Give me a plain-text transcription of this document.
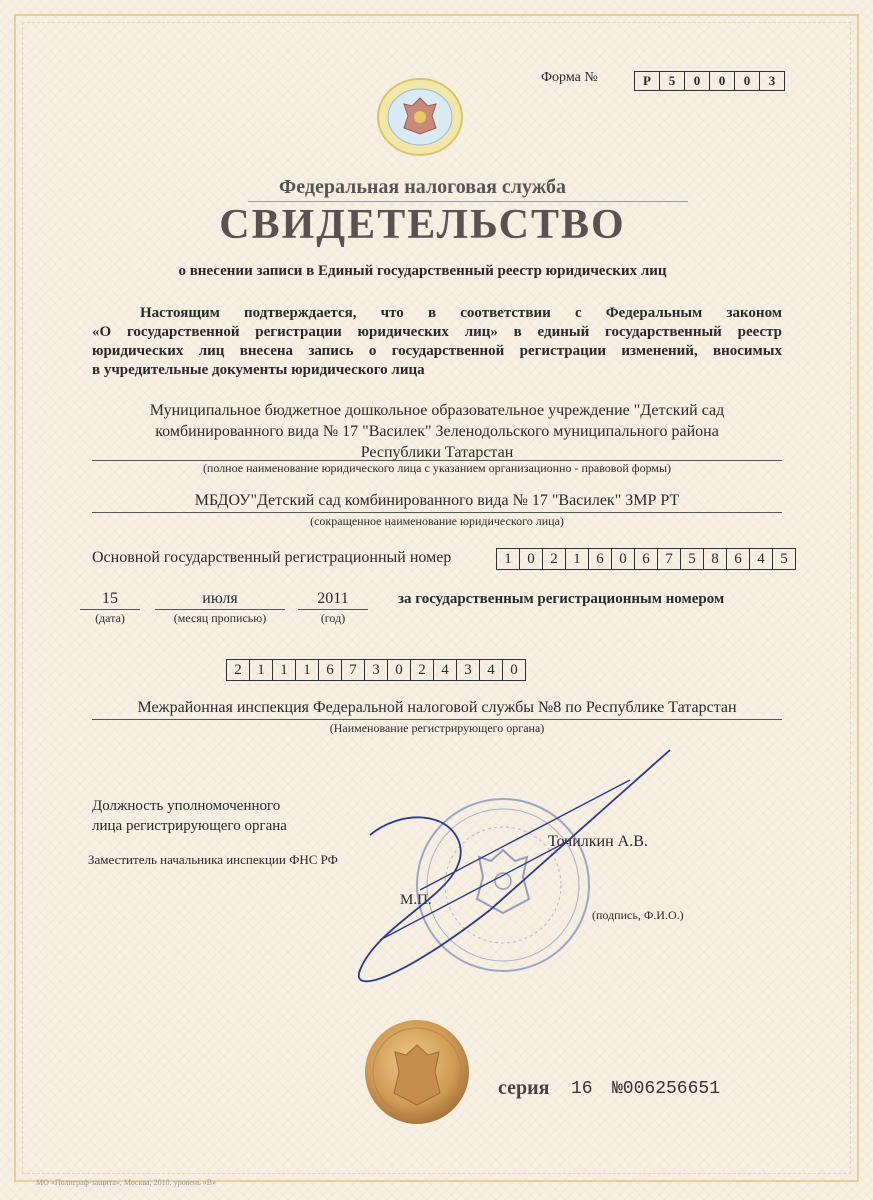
Форма №	Р	5	0	0	0	3
Федеральная налоговая служба
СВИДЕТЕЛЬСТВО
о внесении записи в Единый государственный реестр юридических лиц
Настоящим подтверждается, что в соответствии с Федеральным законом
«О государственной регистрации юридических лиц» в единый государственный реестр
юридических лиц внесена запись о государственной регистрации изменений, вносимых
в учредительные документы юридического лица
Муниципальное бюджетное дошкольное образовательное учреждение "Детский сад
комбинированного вида № 17 "Василек" Зеленодольского муниципального района
Республики Татарстан
(полное наименование юридического лица с указанием организационно - правовой формы)
МБДОУ"Детский сад комбинированного вида № 17 "Василек" ЗМР РТ
(сокращенное наименование юридического лица)
Основной государственный регистрационный номер	1	0	2	1	6	0	6	7	5	8	6	4	5
15
(дата)
июля
(месяц прописью)
2011
(год)
за государственным регистрационным номером
2	1	1	1	6	7	3	0	2	4	3	4	0
Межрайонная инспекция Федеральной налоговой службы №8 по Республике Татарстан
(Наименование регистрирующего органа)
Должность уполномоченного
лица регистрирующего органа
Заместитель начальника инспекции ФНС РФ
Точилкин А.В.
М.П.
(подпись, Ф.И.О.)
серия 16 №006256651
МО «Полиграф-защита», Москва, 2010, уровень «В»
